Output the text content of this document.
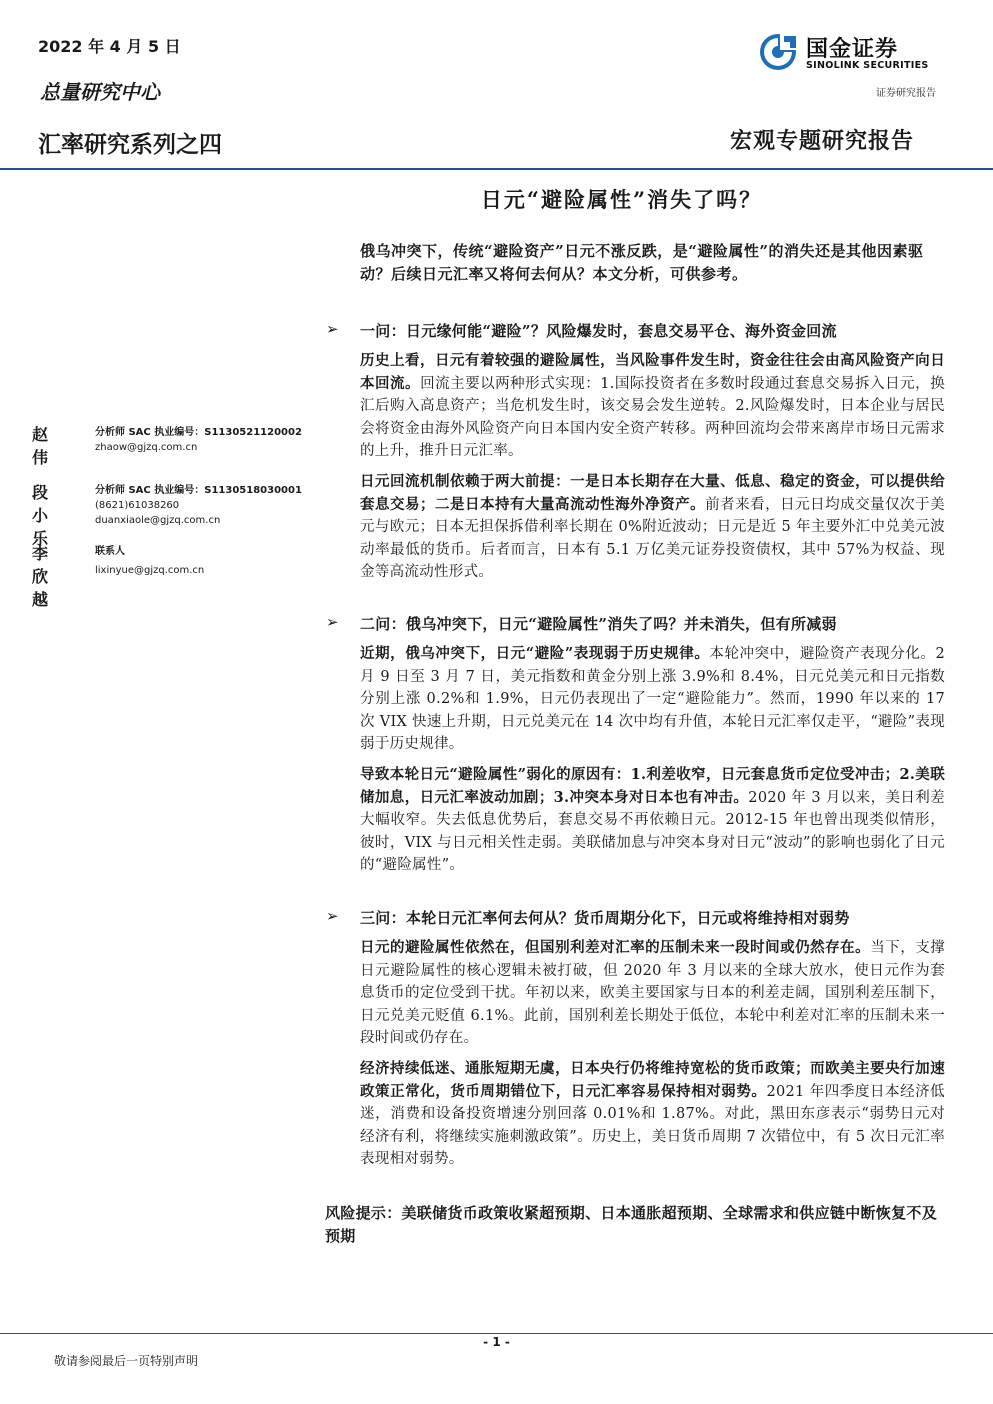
2022 年 4 月 5 日
总量研究中心
汇率研究系列之四
国金证券
SINOLINK SECURITIES
证券研究报告
宏观专题研究报告
日元“避险属性”消失了吗？
赵伟
分析师 SAC 执业编号：S1130521120002
zhaow@gjzq.com.cn
段小乐
分析师 SAC 执业编号：S1130518030001
(8621)61038260
duanxiaole@gjzq.com.cn
李欣越
联系人
lixinyue@gjzq.com.cn
俄乌冲突下，传统“避险资产”日元不涨反跌，是“避险属性”的消失还是其他因素驱动？后续日元汇率又将何去何从？本文分析，可供参考。
➢ 一问：日元缘何能“避险”？风险爆发时，套息交易平仓、海外资金回流
历史上看，日元有着较强的避险属性，当风险事件发生时，资金往往会由高风险资产向日本回流。回流主要以两种形式实现：1.国际投资者在多数时段通过套息交易拆入日元，换汇后购入高息资产；当危机发生时，该交易会发生逆转。2.风险爆发时，日本企业与居民会将资金由海外风险资产向日本国内安全资产转移。两种回流均会带来离岸市场日元需求的上升，推升日元汇率。
日元回流机制依赖于两大前提：一是日本长期存在大量、低息、稳定的资金，可以提供给套息交易；二是日本持有大量高流动性海外净资产。前者来看，日元日均成交量仅次于美元与欧元；日本无担保拆借利率长期在 0%附近波动；日元是近 5 年主要外汇中兑美元波动率最低的货币。后者而言，日本有 5.1 万亿美元证券投资债权，其中 57%为权益、现金等高流动性形式。
➢ 二问：俄乌冲突下，日元“避险属性”消失了吗？并未消失，但有所减弱
近期，俄乌冲突下，日元“避险”表现弱于历史规律。本轮冲突中，避险资产表现分化。2 月 9 日至 3 月 7 日，美元指数和黄金分别上涨 3.9%和 8.4%，日元兑美元和日元指数分别上涨 0.2%和 1.9%，日元仍表现出了一定“避险能力”。然而，1990 年以来的 17 次 VIX 快速上升期，日元兑美元在 14 次中均有升值，本轮日元汇率仅走平，“避险”表现弱于历史规律。
导致本轮日元“避险属性”弱化的原因有：1.利差收窄，日元套息货币定位受冲击；2.美联储加息，日元汇率波动加剧；3.冲突本身对日本也有冲击。2020 年 3 月以来，美日利差大幅收窄。失去低息优势后，套息交易不再依赖日元。2012-15 年也曾出现类似情形，彼时，VIX 与日元相关性走弱。美联储加息与冲突本身对日元“波动”的影响也弱化了日元的“避险属性”。
➢ 三问：本轮日元汇率何去何从？货币周期分化下，日元或将维持相对弱势
日元的避险属性依然在，但国别利差对汇率的压制未来一段时间或仍然存在。当下，支撑日元避险属性的核心逻辑未被打破，但 2020 年 3 月以来的全球大放水，使日元作为套息货币的定位受到干扰。年初以来，欧美主要国家与日本的利差走阔，国别利差压制下，日元兑美元贬值 6.1%。此前，国别利差长期处于低位，本轮中利差对汇率的压制未来一段时间或仍存在。
经济持续低迷、通胀短期无虞，日本央行仍将维持宽松的货币政策；而欧美主要央行加速政策正常化，货币周期错位下，日元汇率容易保持相对弱势。2021 年四季度日本经济低迷，消费和设备投资增速分别回落 0.01%和 1.87%。对此，黑田东彦表示“弱势日元对经济有利，将继续实施刺激政策”。历史上，美日货币周期 7 次错位中，有 5 次日元汇率表现相对弱势。
风险提示：美联储货币政策收紧超预期、日本通胀超预期、全球需求和供应链中断恢复不及预期
- 1 -
敬请参阅最后一页特别声明
